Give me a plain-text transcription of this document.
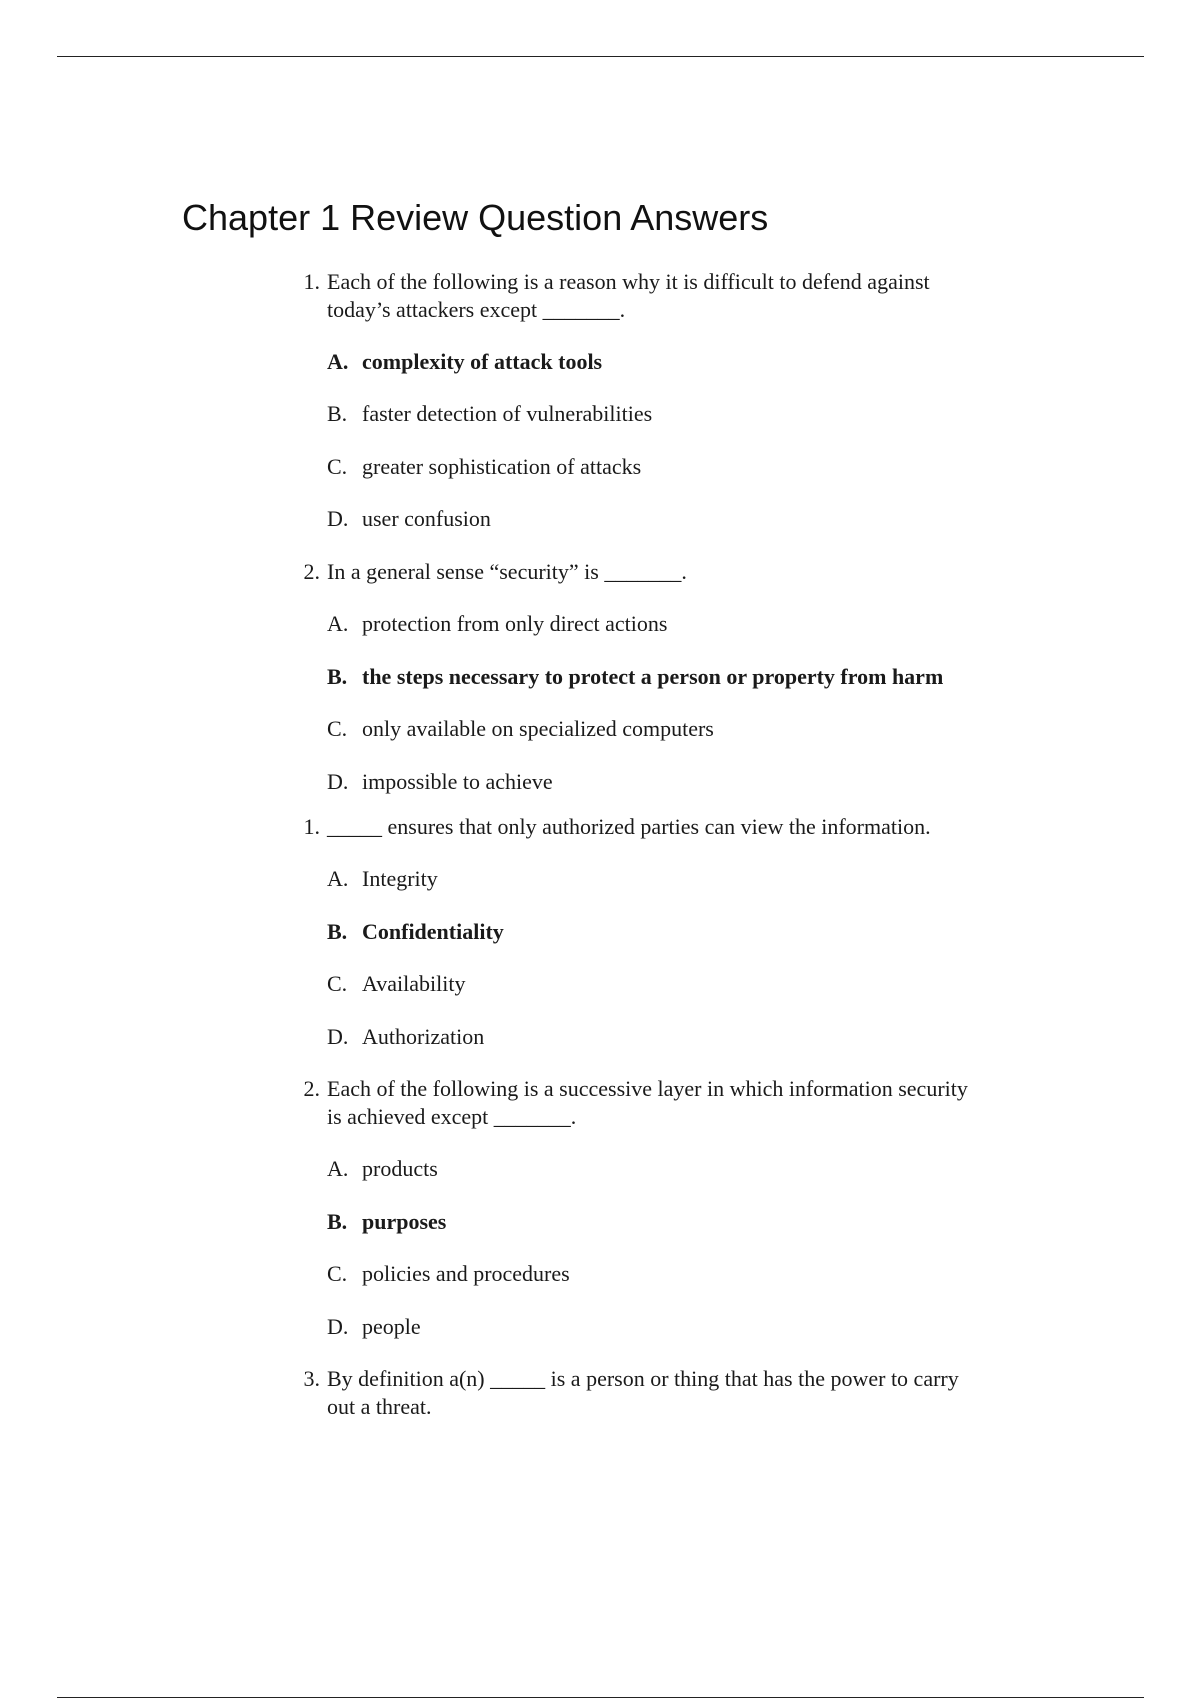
Chapter 1 Review Question Answers
1. Each of the following is a reason why it is difficult to defend against
today’s attackers except _______.
A. complexity of attack tools
B. faster detection of vulnerabilities
C. greater sophistication of attacks
D. user confusion
2. In a general sense “security” is _______.
A. protection from only direct actions
B. the steps necessary to protect a person or property from harm
C. only available on specialized computers
D. impossible to achieve
1. _____ ensures that only authorized parties can view the information.
A. Integrity
B. Confidentiality
C. Availability
D. Authorization
2. Each of the following is a successive layer in which information security
is achieved except _______.
A. products
B. purposes
C. policies and procedures
D. people
3. By definition a(n) _____ is a person or thing that has the power to carry
out a threat.
